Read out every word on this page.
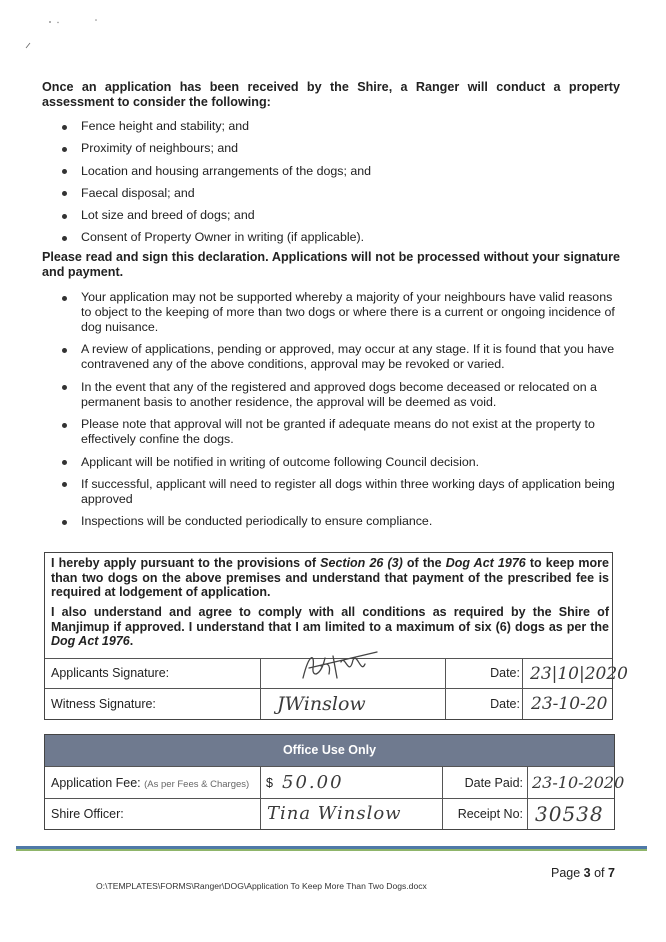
Once an application has been received by the Shire, a Ranger will conduct a property assessment to consider the following:
Fence height and stability; and
Proximity of neighbours; and
Location and housing arrangements of the dogs; and
Faecal disposal; and
Lot size and breed of dogs; and
Consent of Property Owner in writing (if applicable).
Please read and sign this declaration. Applications will not be processed without your signature and payment.
Your application may not be supported whereby a majority of your neighbours have valid reasons to object to the keeping of more than two dogs or where there is a current or ongoing incidence of dog nuisance.
A review of applications, pending or approved, may occur at any stage. If it is found that you have contravened any of the above conditions, approval may be revoked or varied.
In the event that any of the registered and approved dogs become deceased or relocated on a permanent basis to another residence, the approval will be deemed as void.
Please note that approval will not be granted if adequate means do not exist at the property to effectively confine the dogs.
Applicant will be notified in writing of outcome following Council decision.
If successful, applicant will need to register all dogs within three working days of application being approved
Inspections will be conducted periodically to ensure compliance.
I hereby apply pursuant to the provisions of Section 26 (3) of the Dog Act 1976 to keep more than two dogs on the above premises and understand that payment of the prescribed fee is required at lodgement of application.
I also understand and agree to comply with all conditions as required by the Shire of Manjimup if approved. I understand that I am limited to a maximum of six (6) dogs as per the Dog Act 1976.
Applicants Signature:	Date: 23|10|2020
Witness Signature:	JWinslow	Date: 23-10-20
Office Use Only
Application Fee: (As per Fees & Charges) $ 50.00	Date Paid: 23-10-2020
Shire Officer:	Tina Winslow	Receipt No: 30538
Page 3 of 7
O:\TEMPLATES\FORMS\Ranger\DOG\Application To Keep More Than Two Dogs.docx
